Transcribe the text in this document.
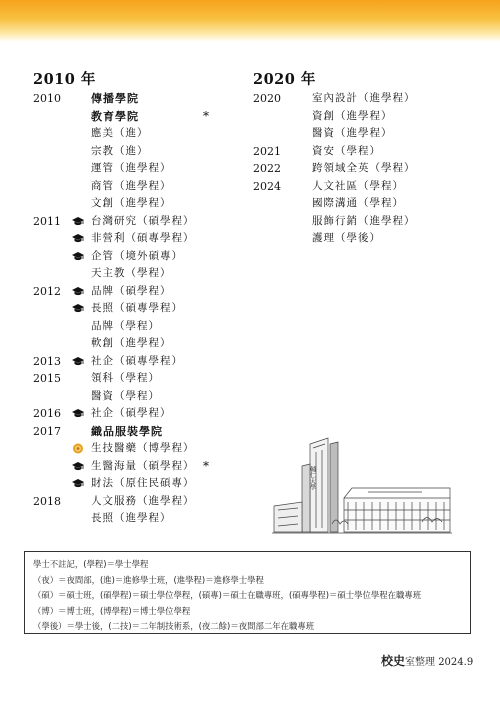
2010 年
2010	傳播學院
教育學院	*
應美（進）
宗教（進）
運管（進學程）
商管（進學程）
文創（進學程）
2011	台灣研究（碩學程）
非營利（碩專學程）
企管（境外碩專）
天主教（學程）
2012	品牌（碩學程）
長照（碩專學程）
品牌（學程）
軟創（進學程）
2013	社企（碩專學程）
2015	領科（學程）
醫資（學程）
2016	社企（碩學程）
2017	織品服裝學院
生技醫藥（博學程）
生醫海量（碩學程） *
財法（原住民碩專）
2018	人文服務（進學程）
長照（進學程）
2020 年
2020	室內設計（進學程）
資創（進學程）
醫資（進學程）
2021	資安（學程）
2022	跨領域全英（學程）
2024	人文社區（學程）
國際溝通（學程）
服飾行銷（進學程）
護理（學後）
輔仁大學
學士不註記，(學程)＝學士學程
（夜）＝夜間部，(進)＝進修學士班，(進學程)＝進修學士學程
（碩）＝碩士班，(碩學程)＝碩士學位學程，(碩專)＝碩士在職專班，(碩專學程)＝碩士學位學程在職專班
（博）＝博士班，(博學程)＝博士學位學程
（學後）＝學士後，(二技)＝二年制技術系，(夜二餘)＝夜間部二年在職專班
校史室整理 2024.9
